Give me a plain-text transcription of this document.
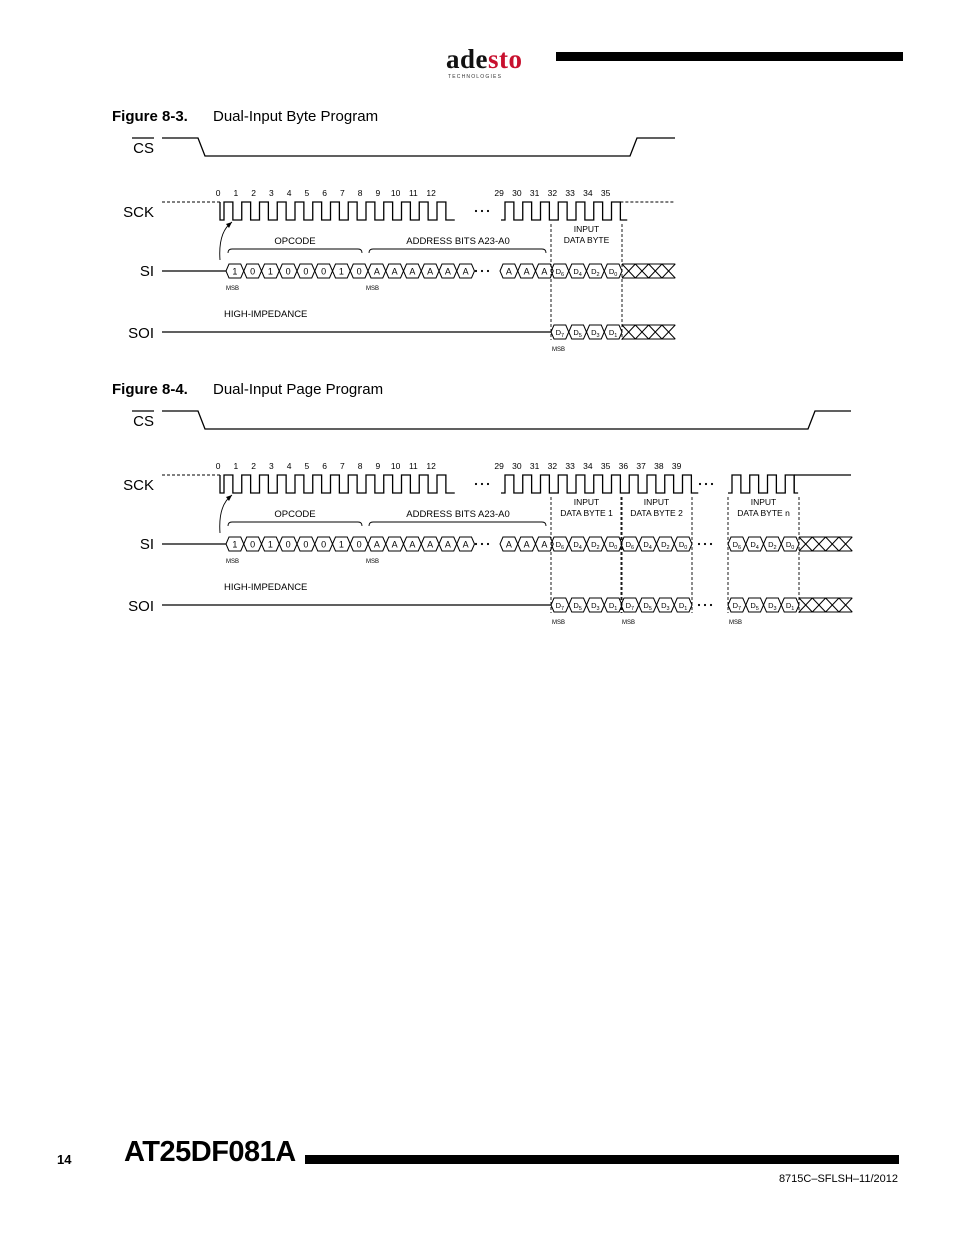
adesto
TECHNOLOGIES
Figure 8-3. Dual-Input Byte Program
CS
SCK
SI
SOI
0 1 2 3 4 5 6 7 8 9 10 11 12	29 30 31 32 33 34 35
OPCODE	ADDRESS BITS A23-A0
1 0 1 0 0 0 1 0 A A A A A A	A A A
MSB	MSB
HIGH-IMPEDANCE
$D_6$
$D_7$
$D_4$
$D_5$
$D_2$
$D_3$
$D_0$
$D_1$
MSB
INPUT
DATA BYTE
Figure 8-4. Dual-Input Page Program
CS
SCK
SI
SOI
0 1 2 3 4 5 6 7 8 9 10 11 12	29 30 31 32 33 34 35 36 37 38 39
OPCODE	ADDRESS BITS A23-A0
1 0 1 0 0 0 1 0 A A A A A A	A A A
MSB	MSB
HIGH-IMPEDANCE
$D_6$
$D_7$
$D_4$
$D_5$
$D_2$
$D_3$
$D_0$
$D_1$
MSB
INPUT
DATA BYTE 1
$D_6$
$D_7$
$D_4$
$D_5$
$D_2$
$D_3$
$D_0$
$D_1$
MSB
INPUT
DATA BYTE 2
$D_6$
$D_7$
$D_4$
$D_5$
$D_2$
$D_3$
$D_0$
$D_1$
MSB
INPUT
DATA BYTE n
14 AT25DF081A
8715C–SFLSH–11/2012
